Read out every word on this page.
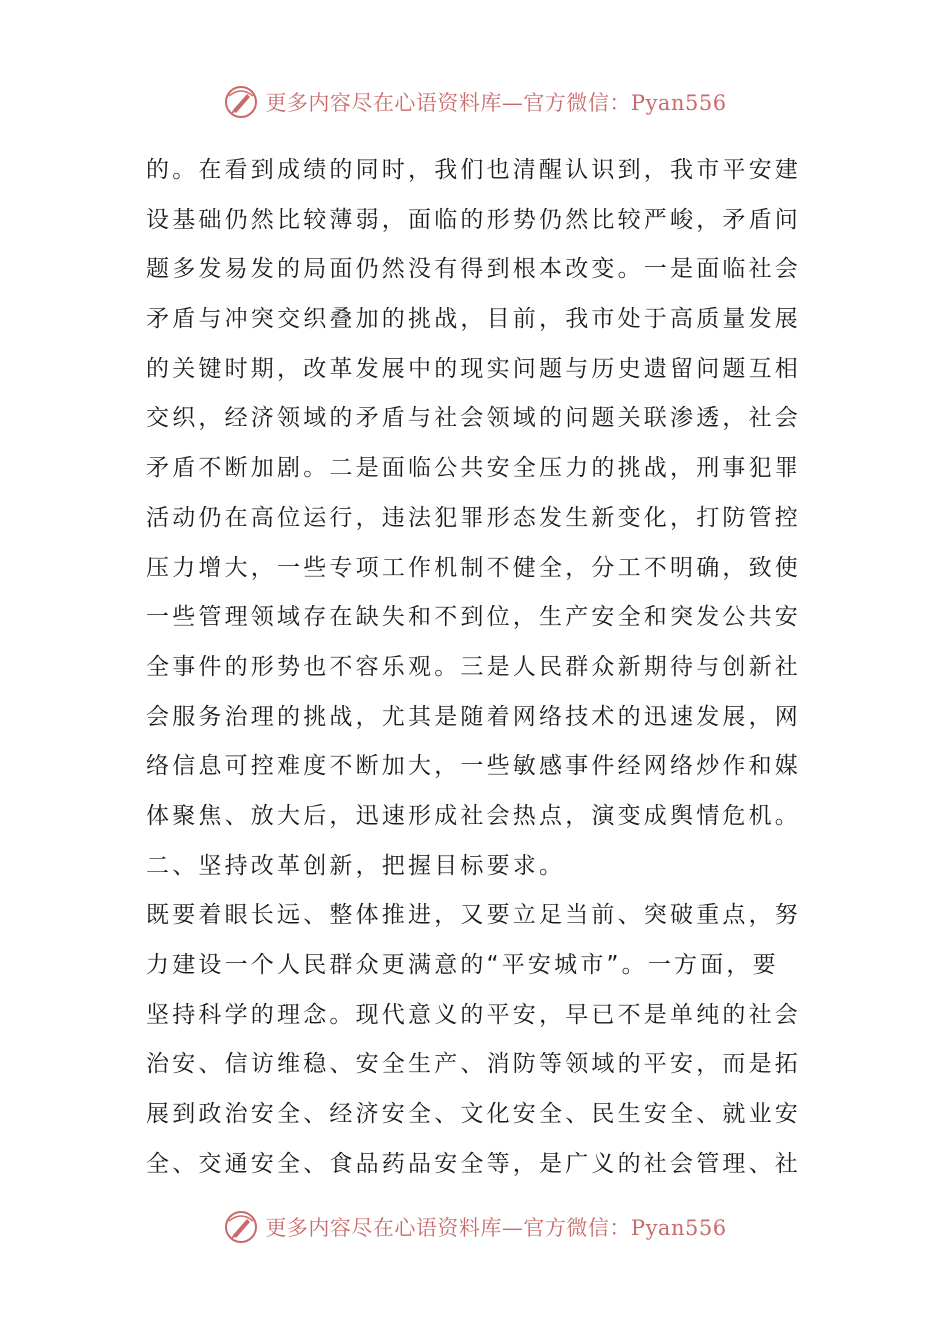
更多内容尽在心语资料库—官方微信：Pyan556
的。在看到成绩的同时，我们也清醒认识到，我市平安建
设基础仍然比较薄弱，面临的形势仍然比较严峻，矛盾问
题多发易发的局面仍然没有得到根本改变。一是面临社会
矛盾与冲突交织叠加的挑战，目前，我市处于高质量发展
的关键时期，改革发展中的现实问题与历史遗留问题互相
交织，经济领域的矛盾与社会领域的问题关联渗透，社会
矛盾不断加剧。二是面临公共安全压力的挑战，刑事犯罪
活动仍在高位运行，违法犯罪形态发生新变化，打防管控
压力增大，一些专项工作机制不健全，分工不明确，致使
一些管理领域存在缺失和不到位，生产安全和突发公共安
全事件的形势也不容乐观。三是人民群众新期待与创新社
会服务治理的挑战，尤其是随着网络技术的迅速发展，网
络信息可控难度不断加大，一些敏感事件经网络炒作和媒
体聚焦、放大后，迅速形成社会热点，演变成舆情危机。
二、坚持改革创新，把握目标要求。
既要着眼长远、整体推进，又要立足当前、突破重点，努
力建设一个人民群众更满意的“平安城市”。一方面，要
坚持科学的理念。现代意义的平安，早已不是单纯的社会
治安、信访维稳、安全生产、消防等领域的平安，而是拓
展到政治安全、经济安全、文化安全、民生安全、就业安
全、交通安全、食品药品安全等，是广义的社会管理、社
更多内容尽在心语资料库—官方微信：Pyan556
